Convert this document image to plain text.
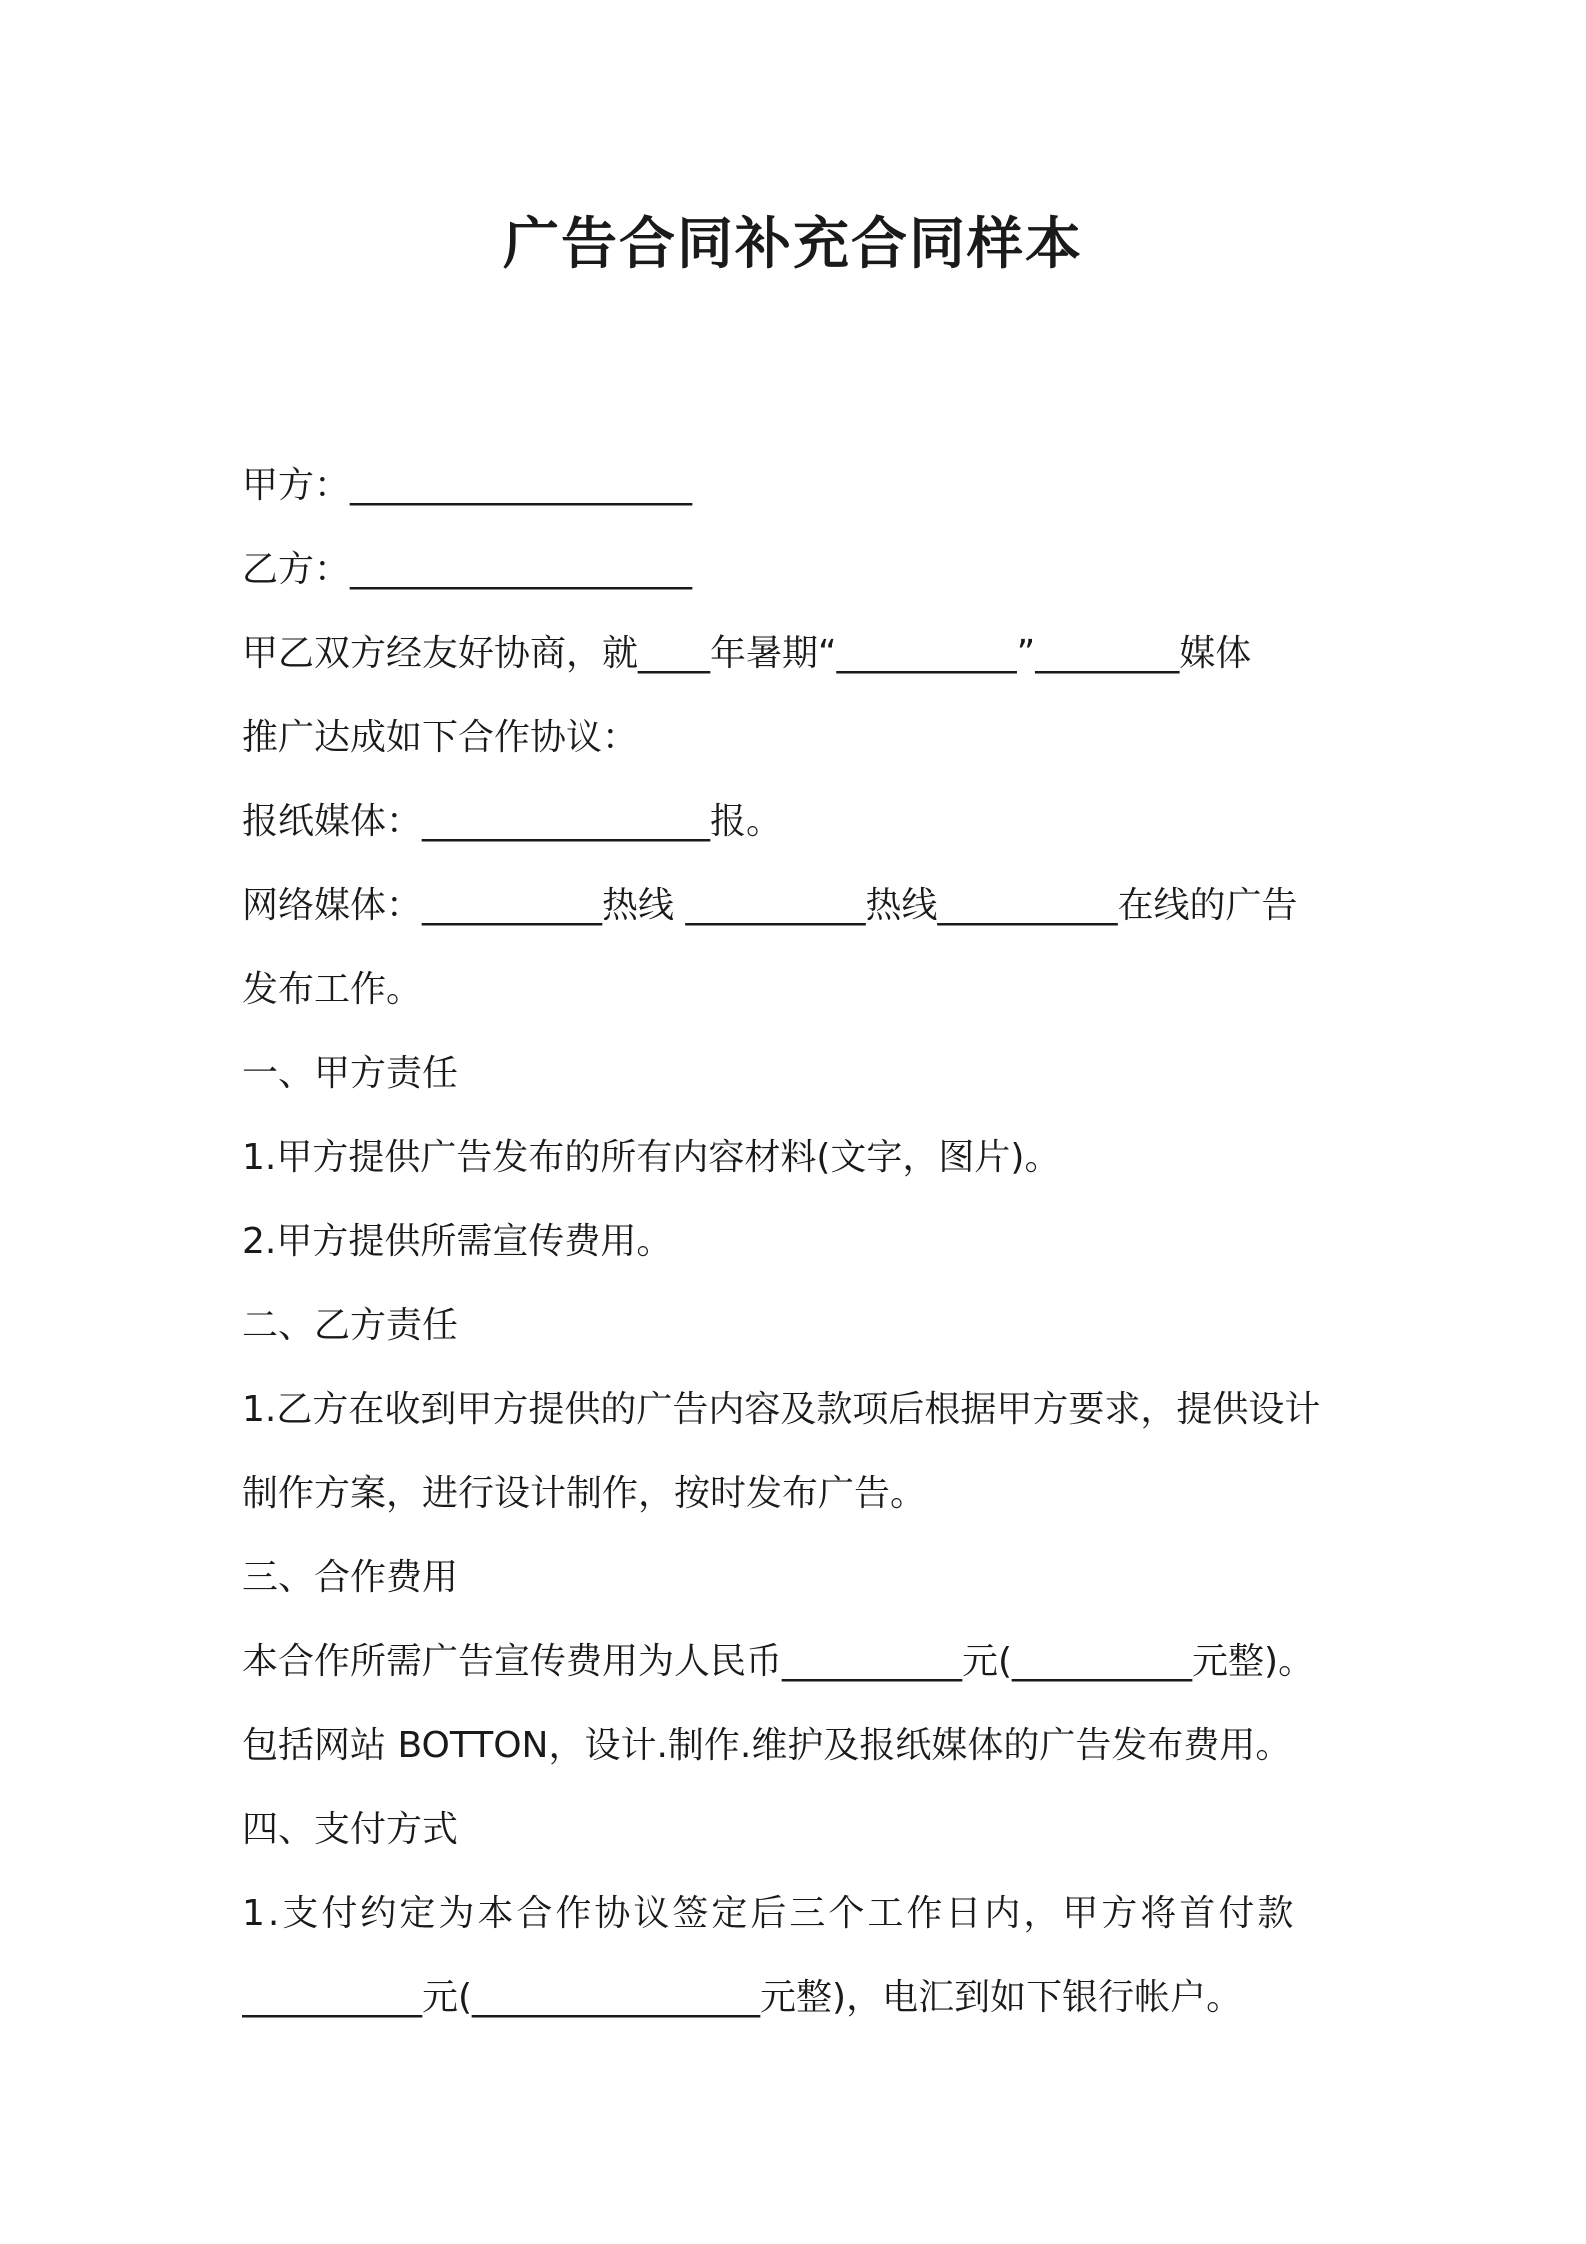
广告合同补充合同样本
甲方：___________________
乙方：___________________
甲乙双方经友好协商，就____年暑期“__________”________媒体
推广达成如下合作协议：
报纸媒体：________________报。
网络媒体：__________热线 __________热线__________在线的广告
发布工作。
一、甲方责任
1.甲方提供广告发布的所有内容材料(文字，图片)。
2.甲方提供所需宣传费用。
二、乙方责任
1.乙方在收到甲方提供的广告内容及款项后根据甲方要求，提供设计
制作方案，进行设计制作，按时发布广告。
三、合作费用
本合作所需广告宣传费用为人民币__________元(__________元整)。
包括网站 BOTTON，设计.制作.维护及报纸媒体的广告发布费用。
四、支付方式
1.支付约定为本合作协议签定后三个工作日内，甲方将首付款
__________元(________________元整)，电汇到如下银行帐户。
